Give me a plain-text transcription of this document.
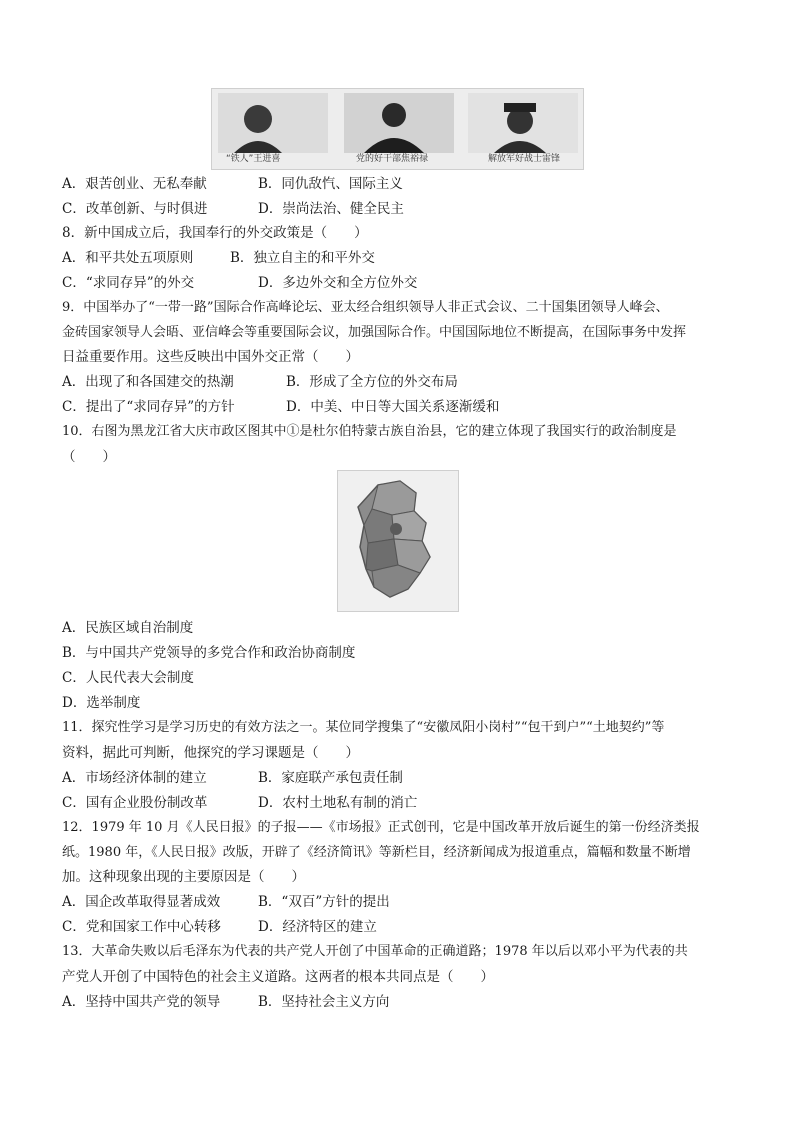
“铁人”王进喜	党的好干部焦裕禄	解放军好战士雷锋
A．艰苦创业、无私奉献	B．同仇敌忾、国际主义
C．改革创新、与时俱进	D．崇尚法治、健全民主
8．新中国成立后，我国奉行的外交政策是（　　）
A．和平共处五项原则	B．独立自主的和平外交
C．“求同存异”的外交	D．多边外交和全方位外交
9．中国举办了“一带一路”国际合作高峰论坛、亚太经合组织领导人非正式会议、二十国集团领导人峰会、
金砖国家领导人会晤、亚信峰会等重要国际会议，加强国际合作。中国国际地位不断提高，在国际事务中发挥
日益重要作用。这些反映出中国外交正常（　　）
A．出现了和各国建交的热潮	B．形成了全方位的外交布局
C．提出了“求同存异”的方针	D．中美、中日等大国关系逐渐缓和
10．右图为黑龙江省大庆市政区图其中①是杜尔伯特蒙古族自治县，它的建立体现了我国实行的政治制度是
（　　）
A．民族区域自治制度
B．与中国共产党领导的多党合作和政治协商制度
C．人民代表大会制度
D．选举制度
11．探究性学习是学习历史的有效方法之一。某位同学搜集了“安徽凤阳小岗村”“包干到户”“土地契约”等
资料，据此可判断，他探究的学习课题是（　　）
A．市场经济体制的建立	B．家庭联产承包责任制
C．国有企业股份制改革	D．农村土地私有制的消亡
12．1979 年 10 月《人民日报》的子报——《市场报》正式创刊，它是中国改革开放后诞生的第一份经济类报
纸。1980 年，《人民日报》改版，开辟了《经济简讯》等新栏目，经济新闻成为报道重点，篇幅和数量不断增
加。这种现象出现的主要原因是（　　）
A．国企改革取得显著成效	B．“双百”方针的提出
C．党和国家工作中心转移	D．经济特区的建立
13．大革命失败以后毛泽东为代表的共产党人开创了中国革命的正确道路；1978 年以后以邓小平为代表的共
产党人开创了中国特色的社会主义道路。这两者的根本共同点是（　　）
A．坚持中国共产党的领导	B．坚持社会主义方向
